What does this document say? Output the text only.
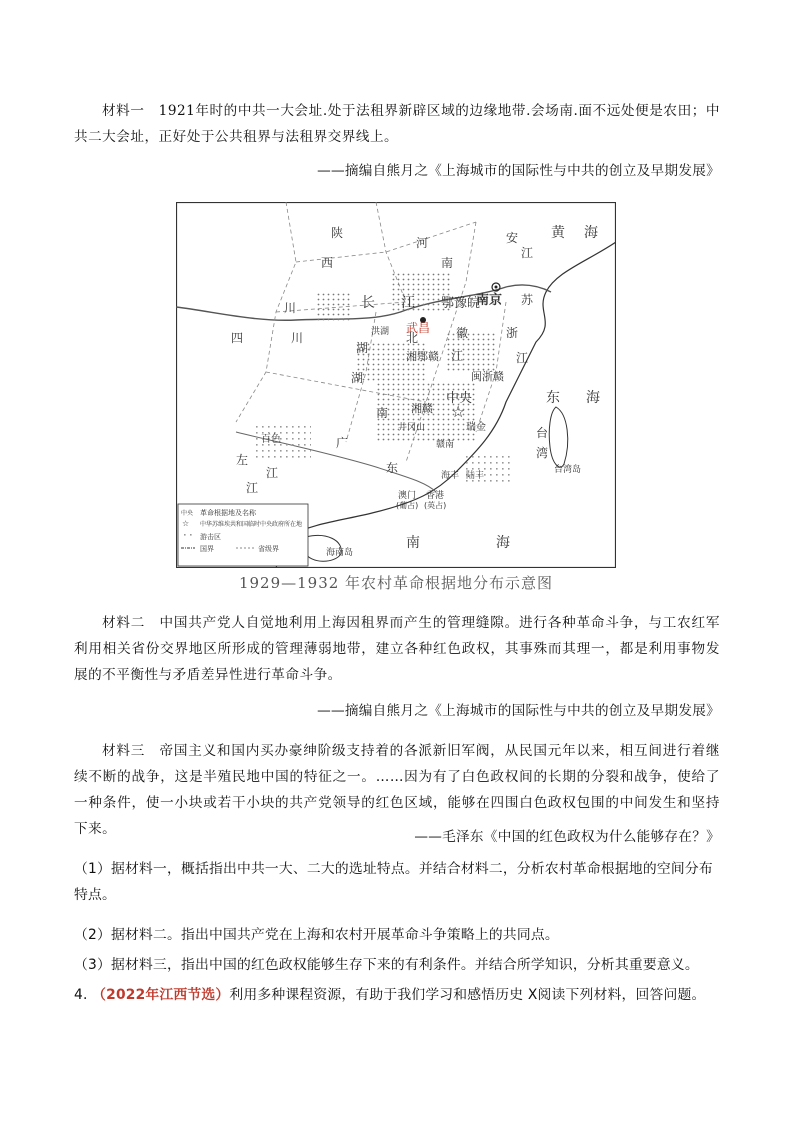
材料一　1921年时的中共一大会址.处于法租界新辟区域的边缘地带.会场南.面不远处便是农田；中共二大会址，正好处于公共租界与法租界交界线上。
——摘编自熊月之《上海城市的国际性与中共的创立及早期发展》
☆
陕
河
南
安
江
黄 海
西
川
四	川
长 江 鄂豫皖
武昌
南京 苏
湖
北
洪湖
湘鄂赣
湖
徽	浙
江	江
闽浙赣
东 海
南 湘赣
中央
井冈山	瑞金
赣南
广
东
百色
左
江
江
台
湾
台湾岛
海丰 陆丰
香港
(英占)
澳门
(葡占)
海南岛
南	海
中央 革命根据地及名称
☆ 中华苏维埃共和国临时中央政府所在地
游击区
国界	省级界
1929—1932 年农村革命根据地分布示意图
材料二　中国共产党人自觉地利用上海因租界而产生的管理缝隙。进行各种革命斗争，与工农红军利用相关省份交界地区所形成的管理薄弱地带，建立各种红色政权，其事殊而其理一，都是利用事物发展的不平衡性与矛盾差异性进行革命斗争。
——摘编自熊月之《上海城市的国际性与中共的创立及早期发展》
材料三　帝国主义和国内买办豪绅阶级支持着的各派新旧军阀，从民国元年以来，相互间进行着继续不断的战争，这是半殖民地中国的特征之一。……因为有了白色政权间的长期的分裂和战争，使给了一种条件，使一小块或若干小块的共产党领导的红色区域，能够在四围白色政权包围的中间发生和坚持下来。	——毛泽东《中国的红色政权为什么能够存在？》
（1）据材料一，概括指出中共一大、二大的选址特点。并结合材料二，分析农村革命根据地的空间分布特点。
（2）据材料二。指出中国共产党在上海和农村开展革命斗争策略上的共同点。
（3）据材料三，指出中国的红色政权能够生存下来的有利条件。并结合所学知识，分析其重要意义。
4. （2022年江西节选）利用多种课程资源，有助于我们学习和感悟历史 X阅读下列材料，回答问题。
